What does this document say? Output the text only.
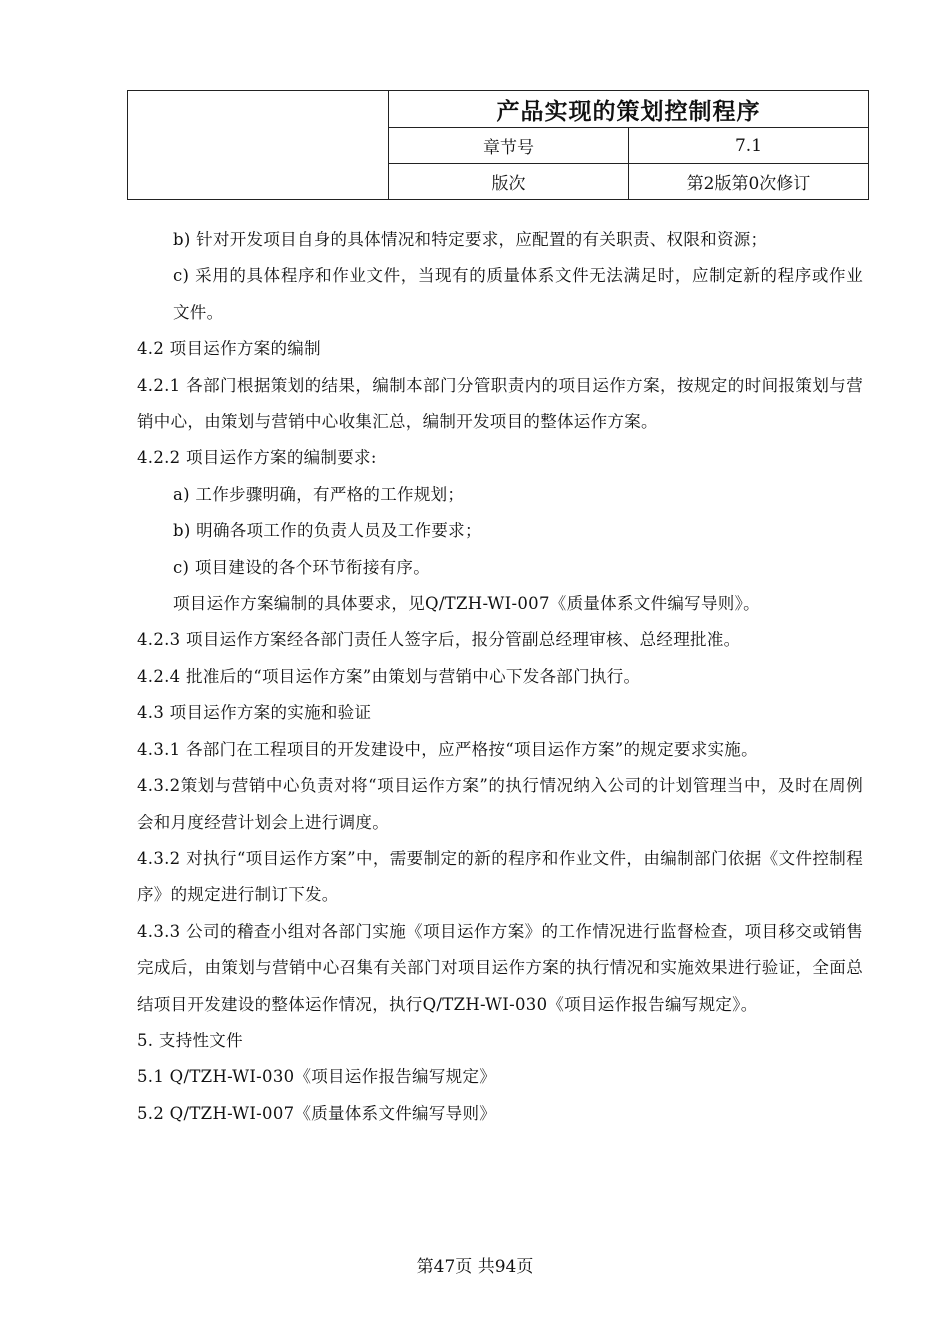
	产品实现的策划控制程序	
	章节号	7.1
	版次	第2版第0次修订

b) 针对开发项目自身的具体情况和特定要求，应配置的有关职责、权限和资源；

c) 采用的具体程序和作业文件，当现有的质量体系文件无法满足时，应制定新的程序或作业文件。

4.2 项目运作方案的编制

4.2.1 各部门根据策划的结果，编制本部门分管职责内的项目运作方案，按规定的时间报策划与营销中心，由策划与营销中心收集汇总，编制开发项目的整体运作方案。

4.2.2 项目运作方案的编制要求:

a) 工作步骤明确，有严格的工作规划；

b) 明确各项工作的负责人员及工作要求；

c) 项目建设的各个环节衔接有序。

项目运作方案编制的具体要求，见Q/TZH-WI-007《质量体系文件编写导则》。

4.2.3 项目运作方案经各部门责任人签字后，报分管副总经理审核、总经理批准。

4.2.4 批准后的“项目运作方案”由策划与营销中心下发各部门执行。

4.3 项目运作方案的实施和验证

4.3.1 各部门在工程项目的开发建设中，应严格按“项目运作方案”的规定要求实施。

4.3.2策划与营销中心负责对将“项目运作方案”的执行情况纳入公司的计划管理当中，及时在周例会和月度经营计划会上进行调度。

4.3.2 对执行“项目运作方案”中，需要制定的新的程序和作业文件，由编制部门依据《文件控制程序》的规定进行制订下发。

4.3.3 公司的稽查小组对各部门实施《项目运作方案》的工作情况进行监督检查，项目移交或销售完成后，由策划与营销中心召集有关部门对项目运作方案的执行情况和实施效果进行验证，全面总结项目开发建设的整体运作情况，执行Q/TZH-WI-030《项目运作报告编写规定》。

5. 支持性文件

5.1 Q/TZH-WI-030《项目运作报告编写规定》

5.2 Q/TZH-WI-007《质量体系文件编写导则》

第47页 共94页
